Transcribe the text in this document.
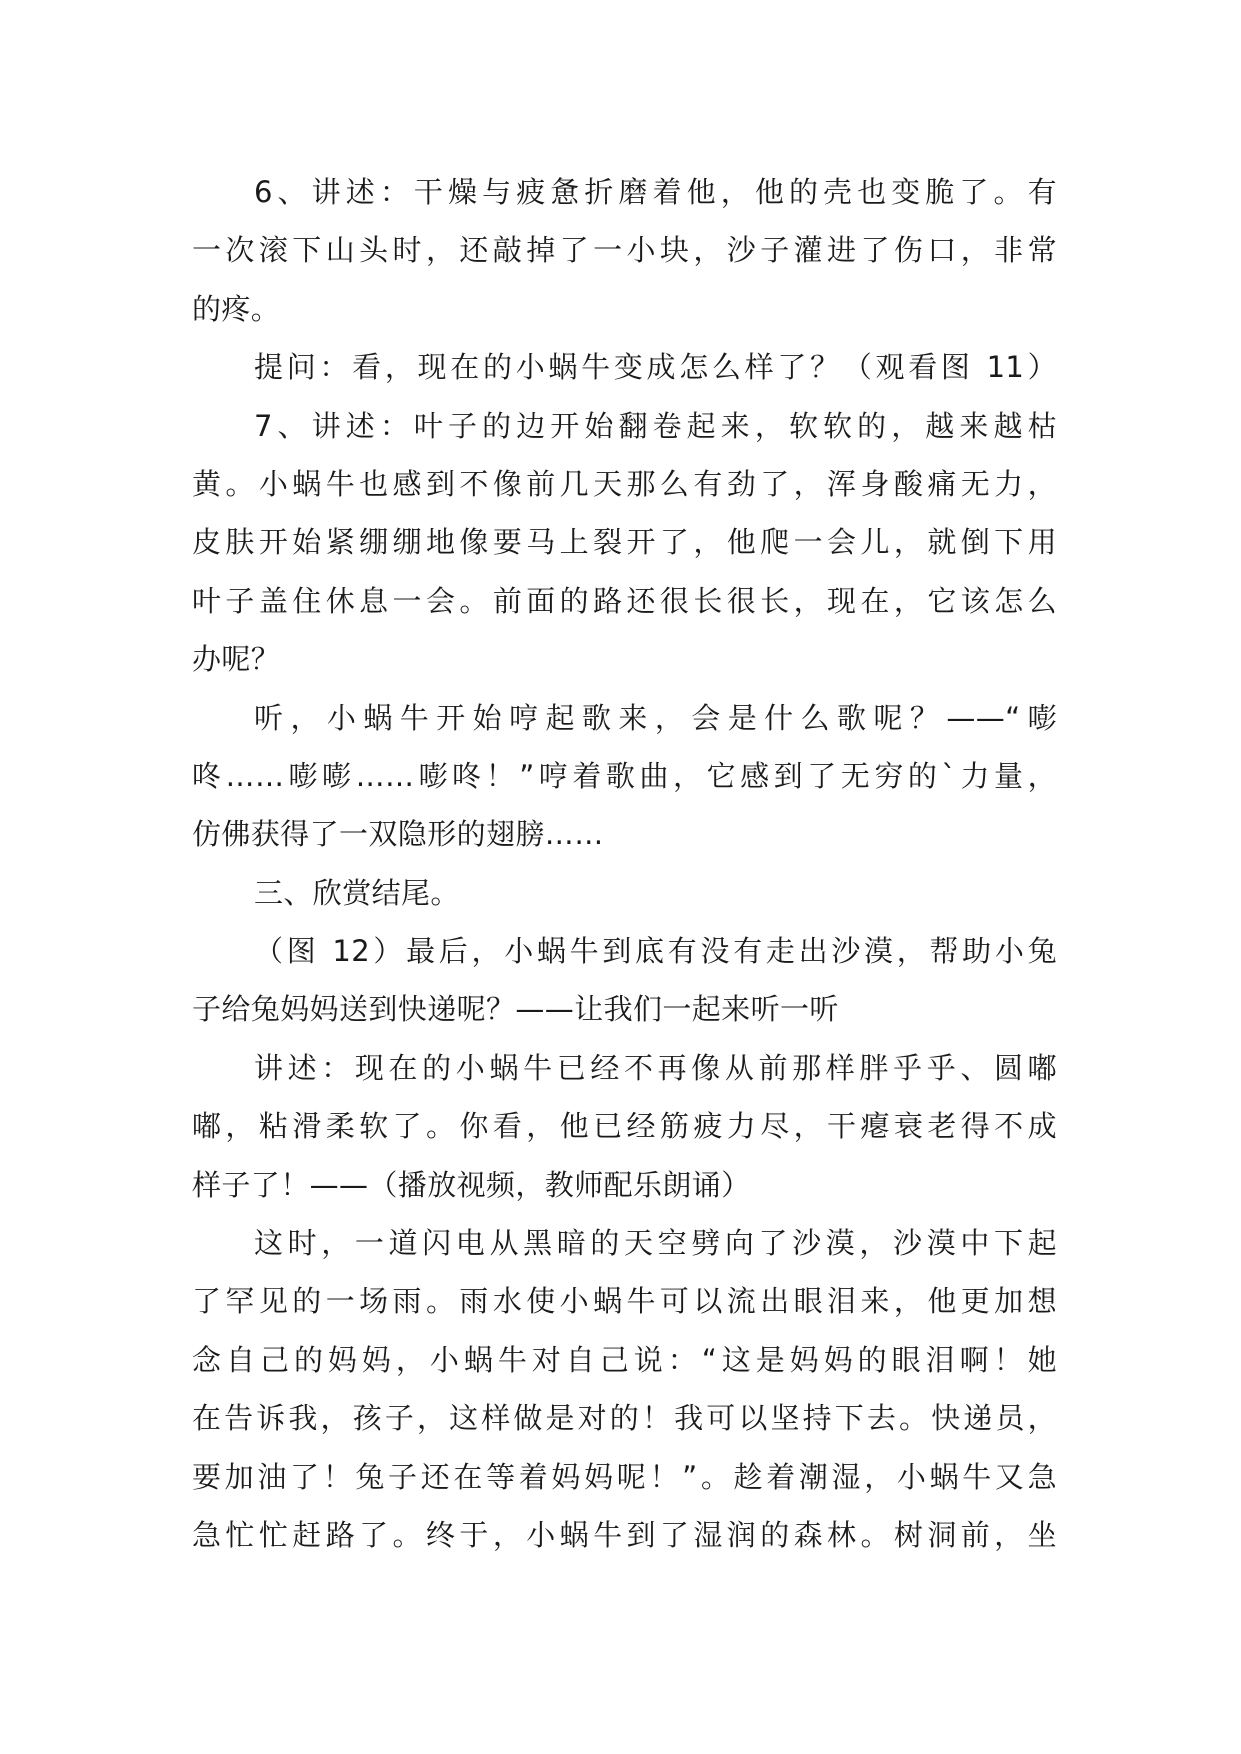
6、讲述：干燥与疲惫折磨着他，他的壳也变脆了。有
一次滚下山头时，还敲掉了一小块，沙子灌进了伤口，非常
的疼。
提问：看，现在的小蜗牛变成怎么样了？（观看图 11）
7、讲述：叶子的边开始翻卷起来，软软的，越来越枯
黄。小蜗牛也感到不像前几天那么有劲了，浑身酸痛无力，
皮肤开始紧绷绷地像要马上裂开了，他爬一会儿，就倒下用
叶子盖住休息一会。前面的路还很长很长，现在，它该怎么
办呢？
听，小蜗牛开始哼起歌来，会是什么歌呢？——“嘭
咚……嘭嘭……嘭咚！”哼着歌曲，它感到了无穷的`力量，
仿佛获得了一双隐形的翅膀……
三、欣赏结尾。
（图 12）最后，小蜗牛到底有没有走出沙漠，帮助小兔
子给兔妈妈送到快递呢？——让我们一起来听一听
讲述：现在的小蜗牛已经不再像从前那样胖乎乎、圆嘟
嘟，粘滑柔软了。你看，他已经筋疲力尽，干瘪衰老得不成
样子了！——（播放视频，教师配乐朗诵）
这时，一道闪电从黑暗的天空劈向了沙漠，沙漠中下起
了罕见的一场雨。雨水使小蜗牛可以流出眼泪来，他更加想
念自己的妈妈，小蜗牛对自己说：“这是妈妈的眼泪啊！她
在告诉我，孩子，这样做是对的！我可以坚持下去。快递员，
要加油了！兔子还在等着妈妈呢！”。趁着潮湿，小蜗牛又急
急忙忙赶路了。终于，小蜗牛到了湿润的森林。树洞前，坐
